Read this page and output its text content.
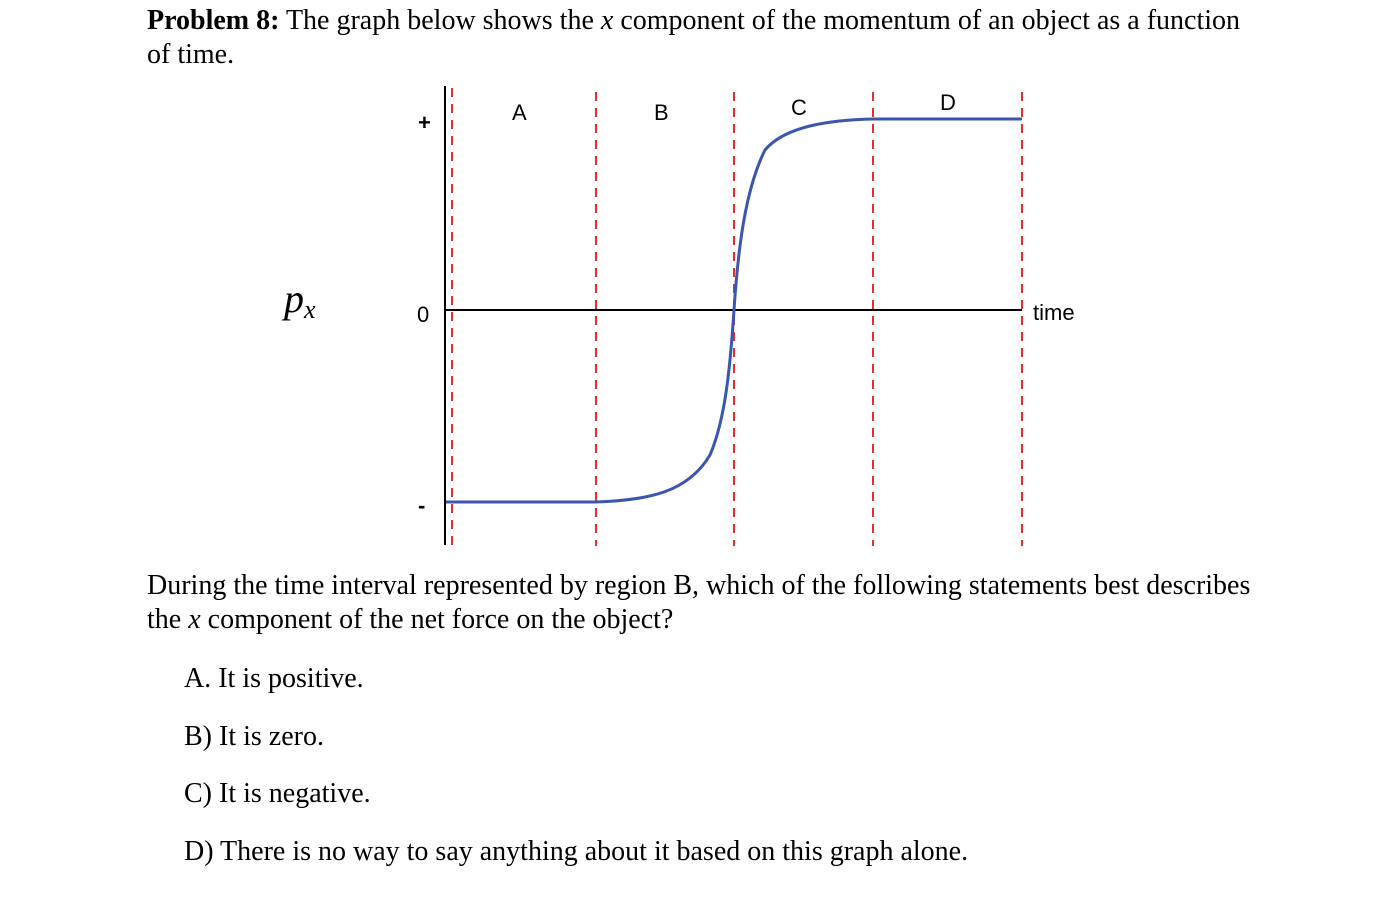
Problem 8: The graph below shows the x component of the momentum of an object as a function of time.
+
0
-
px	time
A	B	C	D
During the time interval represented by region B, which of the following statements best describes the x component of the net force on the object?
A. It is positive.
B) It is zero.
C) It is negative.
D) There is no way to say anything about it based on this graph alone.
